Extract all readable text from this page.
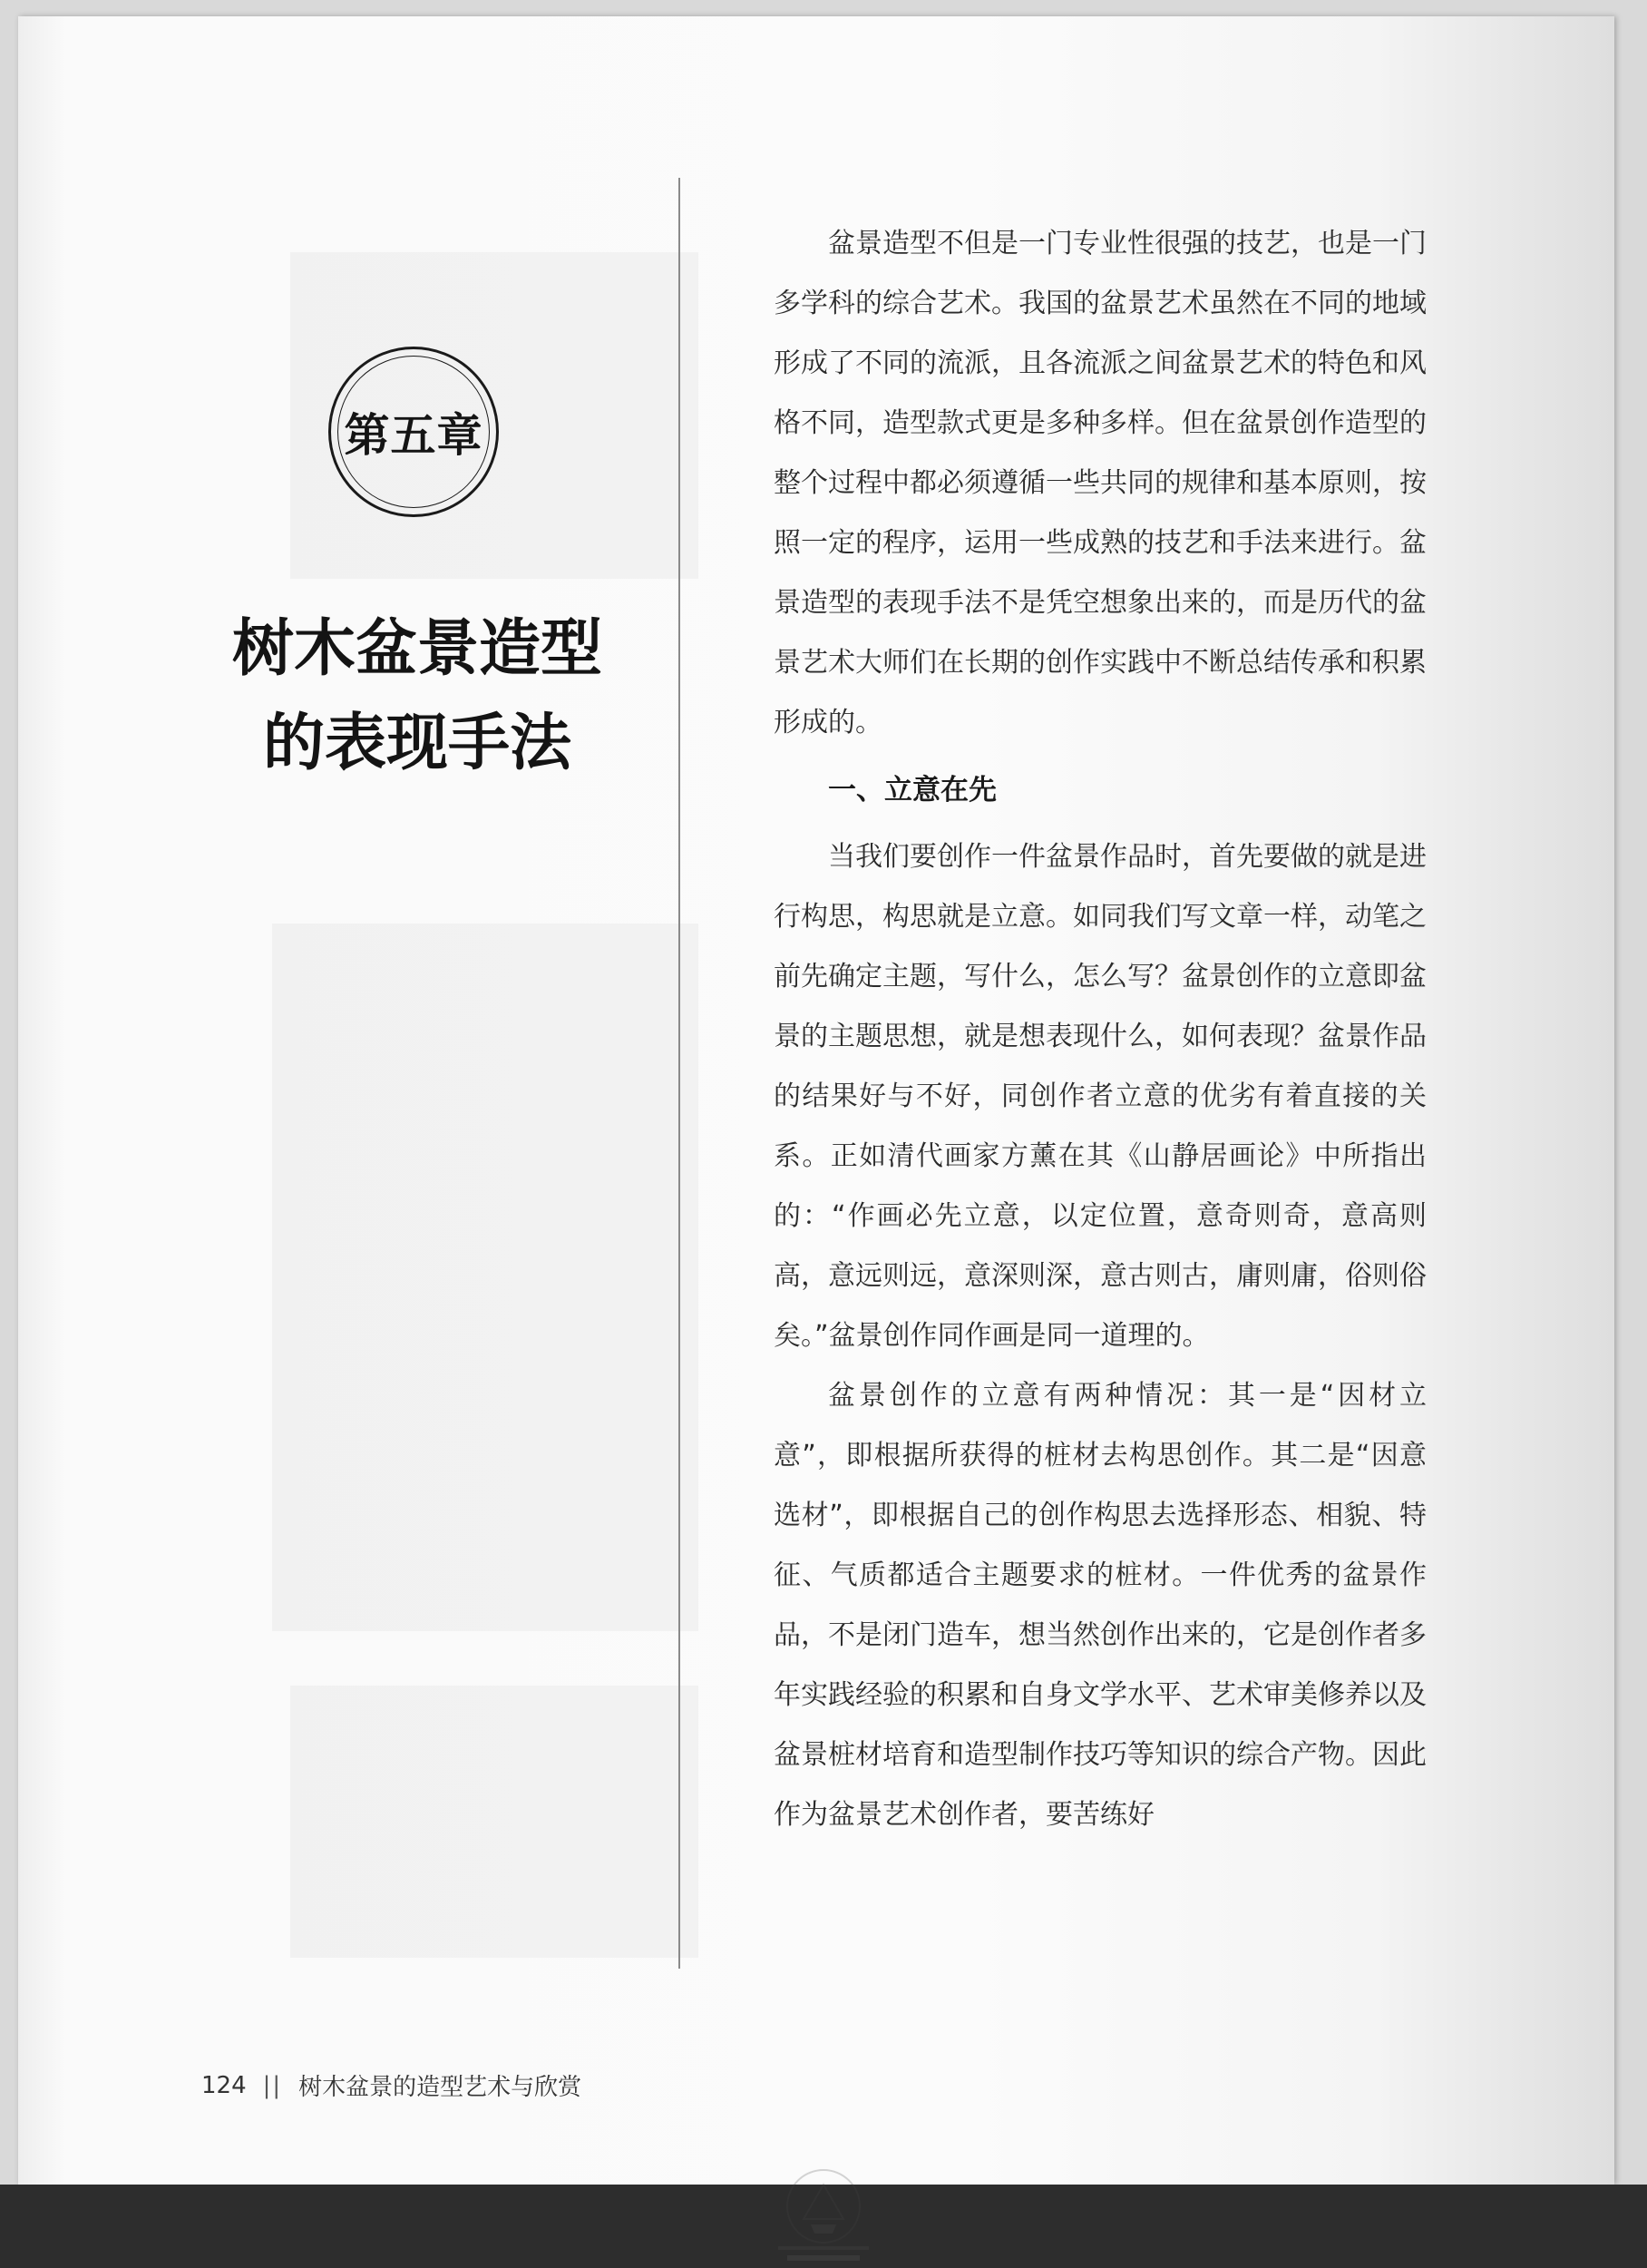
第五章
树木盆景造型
的表现手法

盆景造型不但是一门专业性很强的技艺，也是一门多学科的综合艺术。我国的盆景艺术虽然在不同的地域形成了不同的流派，且各流派之间盆景艺术的特色和风格不同，造型款式更是多种多样。但在盆景创作造型的整个过程中都必须遵循一些共同的规律和基本原则，按照一定的程序，运用一些成熟的技艺和手法来进行。盆景造型的表现手法不是凭空想象出来的，而是历代的盆景艺术大师们在长期的创作实践中不断总结传承和积累形成的。

一、立意在先

当我们要创作一件盆景作品时，首先要做的就是进行构思，构思就是立意。如同我们写文章一样，动笔之前先确定主题，写什么，怎么写？盆景创作的立意即盆景的主题思想，就是想表现什么，如何表现？盆景作品的结果好与不好，同创作者立意的优劣有着直接的关系。正如清代画家方薰在其《山静居画论》中所指出的：“作画必先立意，以定位置，意奇则奇，意高则高，意远则远，意深则深，意古则古，庸则庸，俗则俗矣。”盆景创作同作画是同一道理的。

盆景创作的立意有两种情况：其一是“因材立意”，即根据所获得的桩材去构思创作。其二是“因意选材”，即根据自己的创作构思去选择形态、相貌、特征、气质都适合主题要求的桩材。一件优秀的盆景作品，不是闭门造车，想当然创作出来的，它是创作者多年实践经验的积累和自身文学水平、艺术审美修养以及盆景桩材培育和造型制作技巧等知识的综合产物。因此作为盆景艺术创作者，要苦练好

124 || 树木盆景的造型艺术与欣赏
